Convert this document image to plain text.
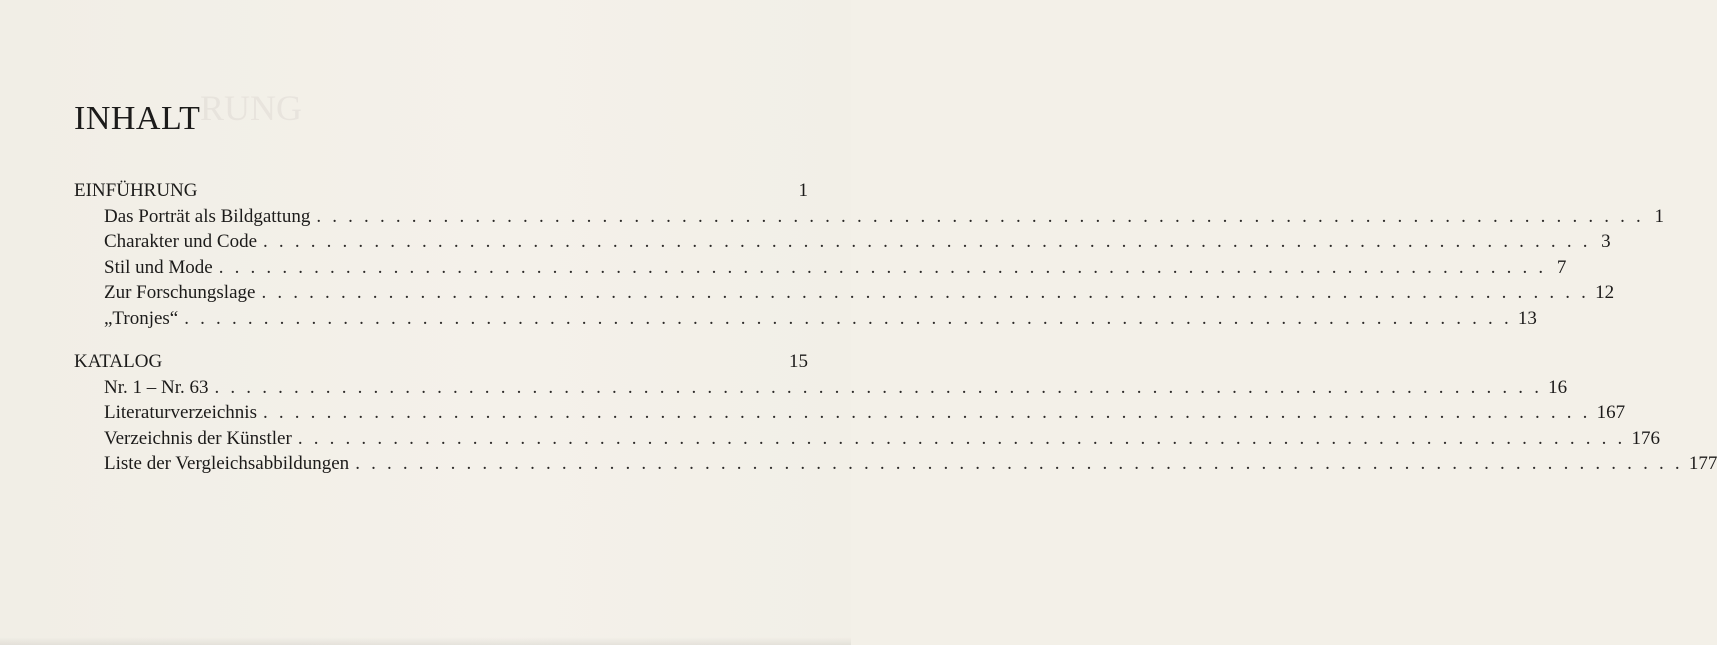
RUNG
INHALT
EINFÜHRUNG	1
Das Porträt als Bildgattung . . . . . . . . . . . . . . . . . . . . . . . . . . . . . . . . . . . . . . . . . . . . . . . . . . . . . . . . . . . . . . . . . . . . . . . . . . . . . . . . . . . . 1
Charakter und Code . . . . . . . . . . . . . . . . . . . . . . . . . . . . . . . . . . . . . . . . . . . . . . . . . . . . . . . . . . . . . . . . . . . . . . . . . . . . . . . . . . . . 3
Stil und Mode . . . . . . . . . . . . . . . . . . . . . . . . . . . . . . . . . . . . . . . . . . . . . . . . . . . . . . . . . . . . . . . . . . . . . . . . . . . . . . . . . . . . 7
Zur Forschungslage . . . . . . . . . . . . . . . . . . . . . . . . . . . . . . . . . . . . . . . . . . . . . . . . . . . . . . . . . . . . . . . . . . . . . . . . . . . . . . . . . . . . 12
„Tronjes“ . . . . . . . . . . . . . . . . . . . . . . . . . . . . . . . . . . . . . . . . . . . . . . . . . . . . . . . . . . . . . . . . . . . . . . . . . . . . . . . . . . . . 13
KATALOG	15
Nr. 1 – Nr. 63 . . . . . . . . . . . . . . . . . . . . . . . . . . . . . . . . . . . . . . . . . . . . . . . . . . . . . . . . . . . . . . . . . . . . . . . . . . . . . . . . . . . . 16
Literaturverzeichnis . . . . . . . . . . . . . . . . . . . . . . . . . . . . . . . . . . . . . . . . . . . . . . . . . . . . . . . . . . . . . . . . . . . . . . . . . . . . . . . . . . . . 167
Verzeichnis der Künstler . . . . . . . . . . . . . . . . . . . . . . . . . . . . . . . . . . . . . . . . . . . . . . . . . . . . . . . . . . . . . . . . . . . . . . . . . . . . . . . . . . . . 176
Liste der Vergleichsabbildungen . . . . . . . . . . . . . . . . . . . . . . . . . . . . . . . . . . . . . . . . . . . . . . . . . . . . . . . . . . . . . . . . . . . . . . . . . . . . . . . . . . . . 177
